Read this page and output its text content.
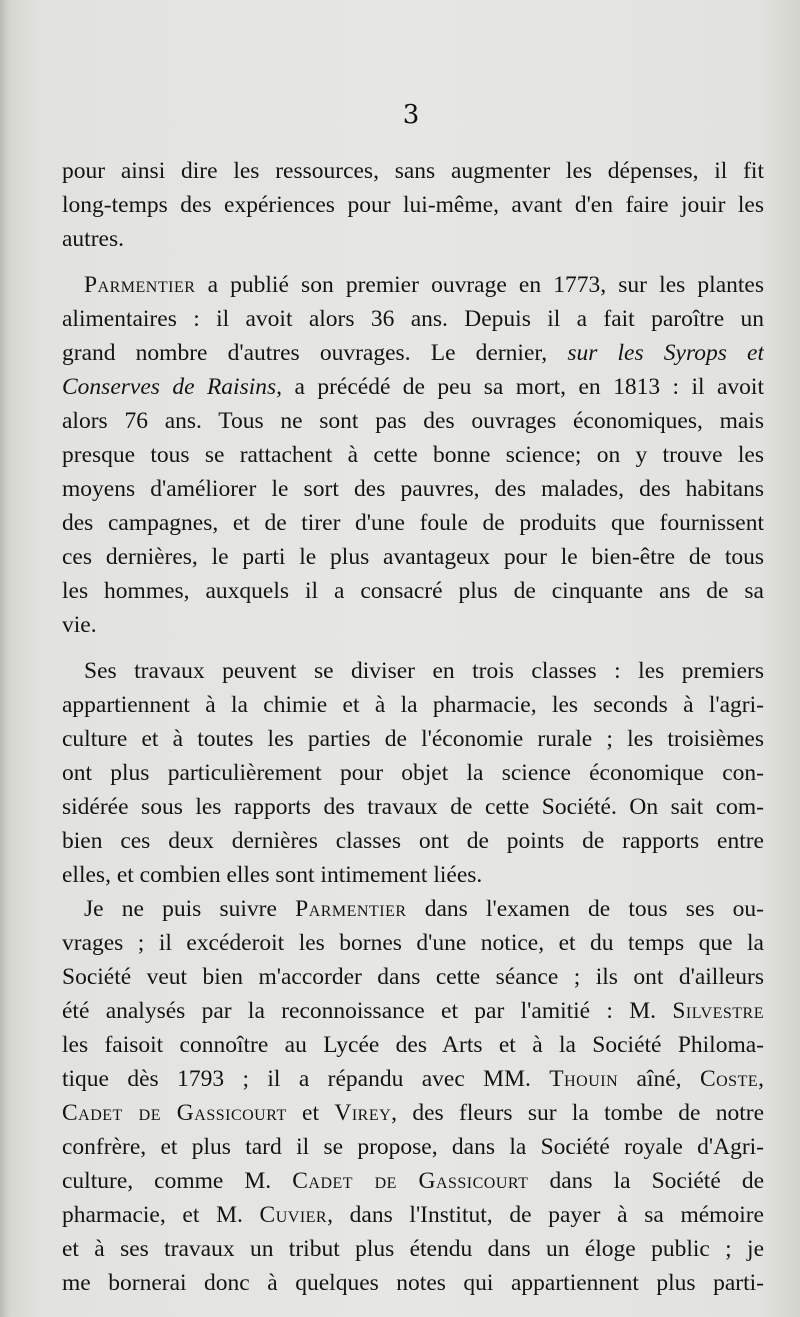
3
pour ainsi dire les ressources, sans augmenter les dépenses, il fit
long-temps des expériences pour lui-même, avant d'en faire jouir les
autres.
Parmentier a publié son premier ouvrage en 1773, sur les plantes
alimentaires : il avoit alors 36 ans. Depuis il a fait paroître un
grand nombre d'autres ouvrages. Le dernier, sur les Syrops et
Conserves de Raisins, a précédé de peu sa mort, en 1813 : il avoit
alors 76 ans. Tous ne sont pas des ouvrages économiques, mais
presque tous se rattachent à cette bonne science; on y trouve les
moyens d'améliorer le sort des pauvres, des malades, des habitans
des campagnes, et de tirer d'une foule de produits que fournissent
ces dernières, le parti le plus avantageux pour le bien-être de tous
les hommes, auxquels il a consacré plus de cinquante ans de sa
vie.
Ses travaux peuvent se diviser en trois classes : les premiers
appartiennent à la chimie et à la pharmacie, les seconds à l'agri-
culture et à toutes les parties de l'économie rurale ; les troisièmes
ont plus particulièrement pour objet la science économique con-
sidérée sous les rapports des travaux de cette Société. On sait com-
bien ces deux dernières classes ont de points de rapports entre
elles, et combien elles sont intimement liées.
Je ne puis suivre Parmentier dans l'examen de tous ses ou-
vrages ; il excéderoit les bornes d'une notice, et du temps que la
Société veut bien m'accorder dans cette séance ; ils ont d'ailleurs
été analysés par la reconnoissance et par l'amitié : M. Silvestre
les faisoit connoître au Lycée des Arts et à la Société Philoma-
tique dès 1793 ; il a répandu avec MM. Thouin aîné, Coste,
Cadet de Gassicourt et Virey, des fleurs sur la tombe de notre
confrère, et plus tard il se propose, dans la Société royale d'Agri-
culture, comme M. Cadet de Gassicourt dans la Société de
pharmacie, et M. Cuvier, dans l'Institut, de payer à sa mémoire
et à ses travaux un tribut plus étendu dans un éloge public ; je
me bornerai donc à quelques notes qui appartiennent plus parti-
